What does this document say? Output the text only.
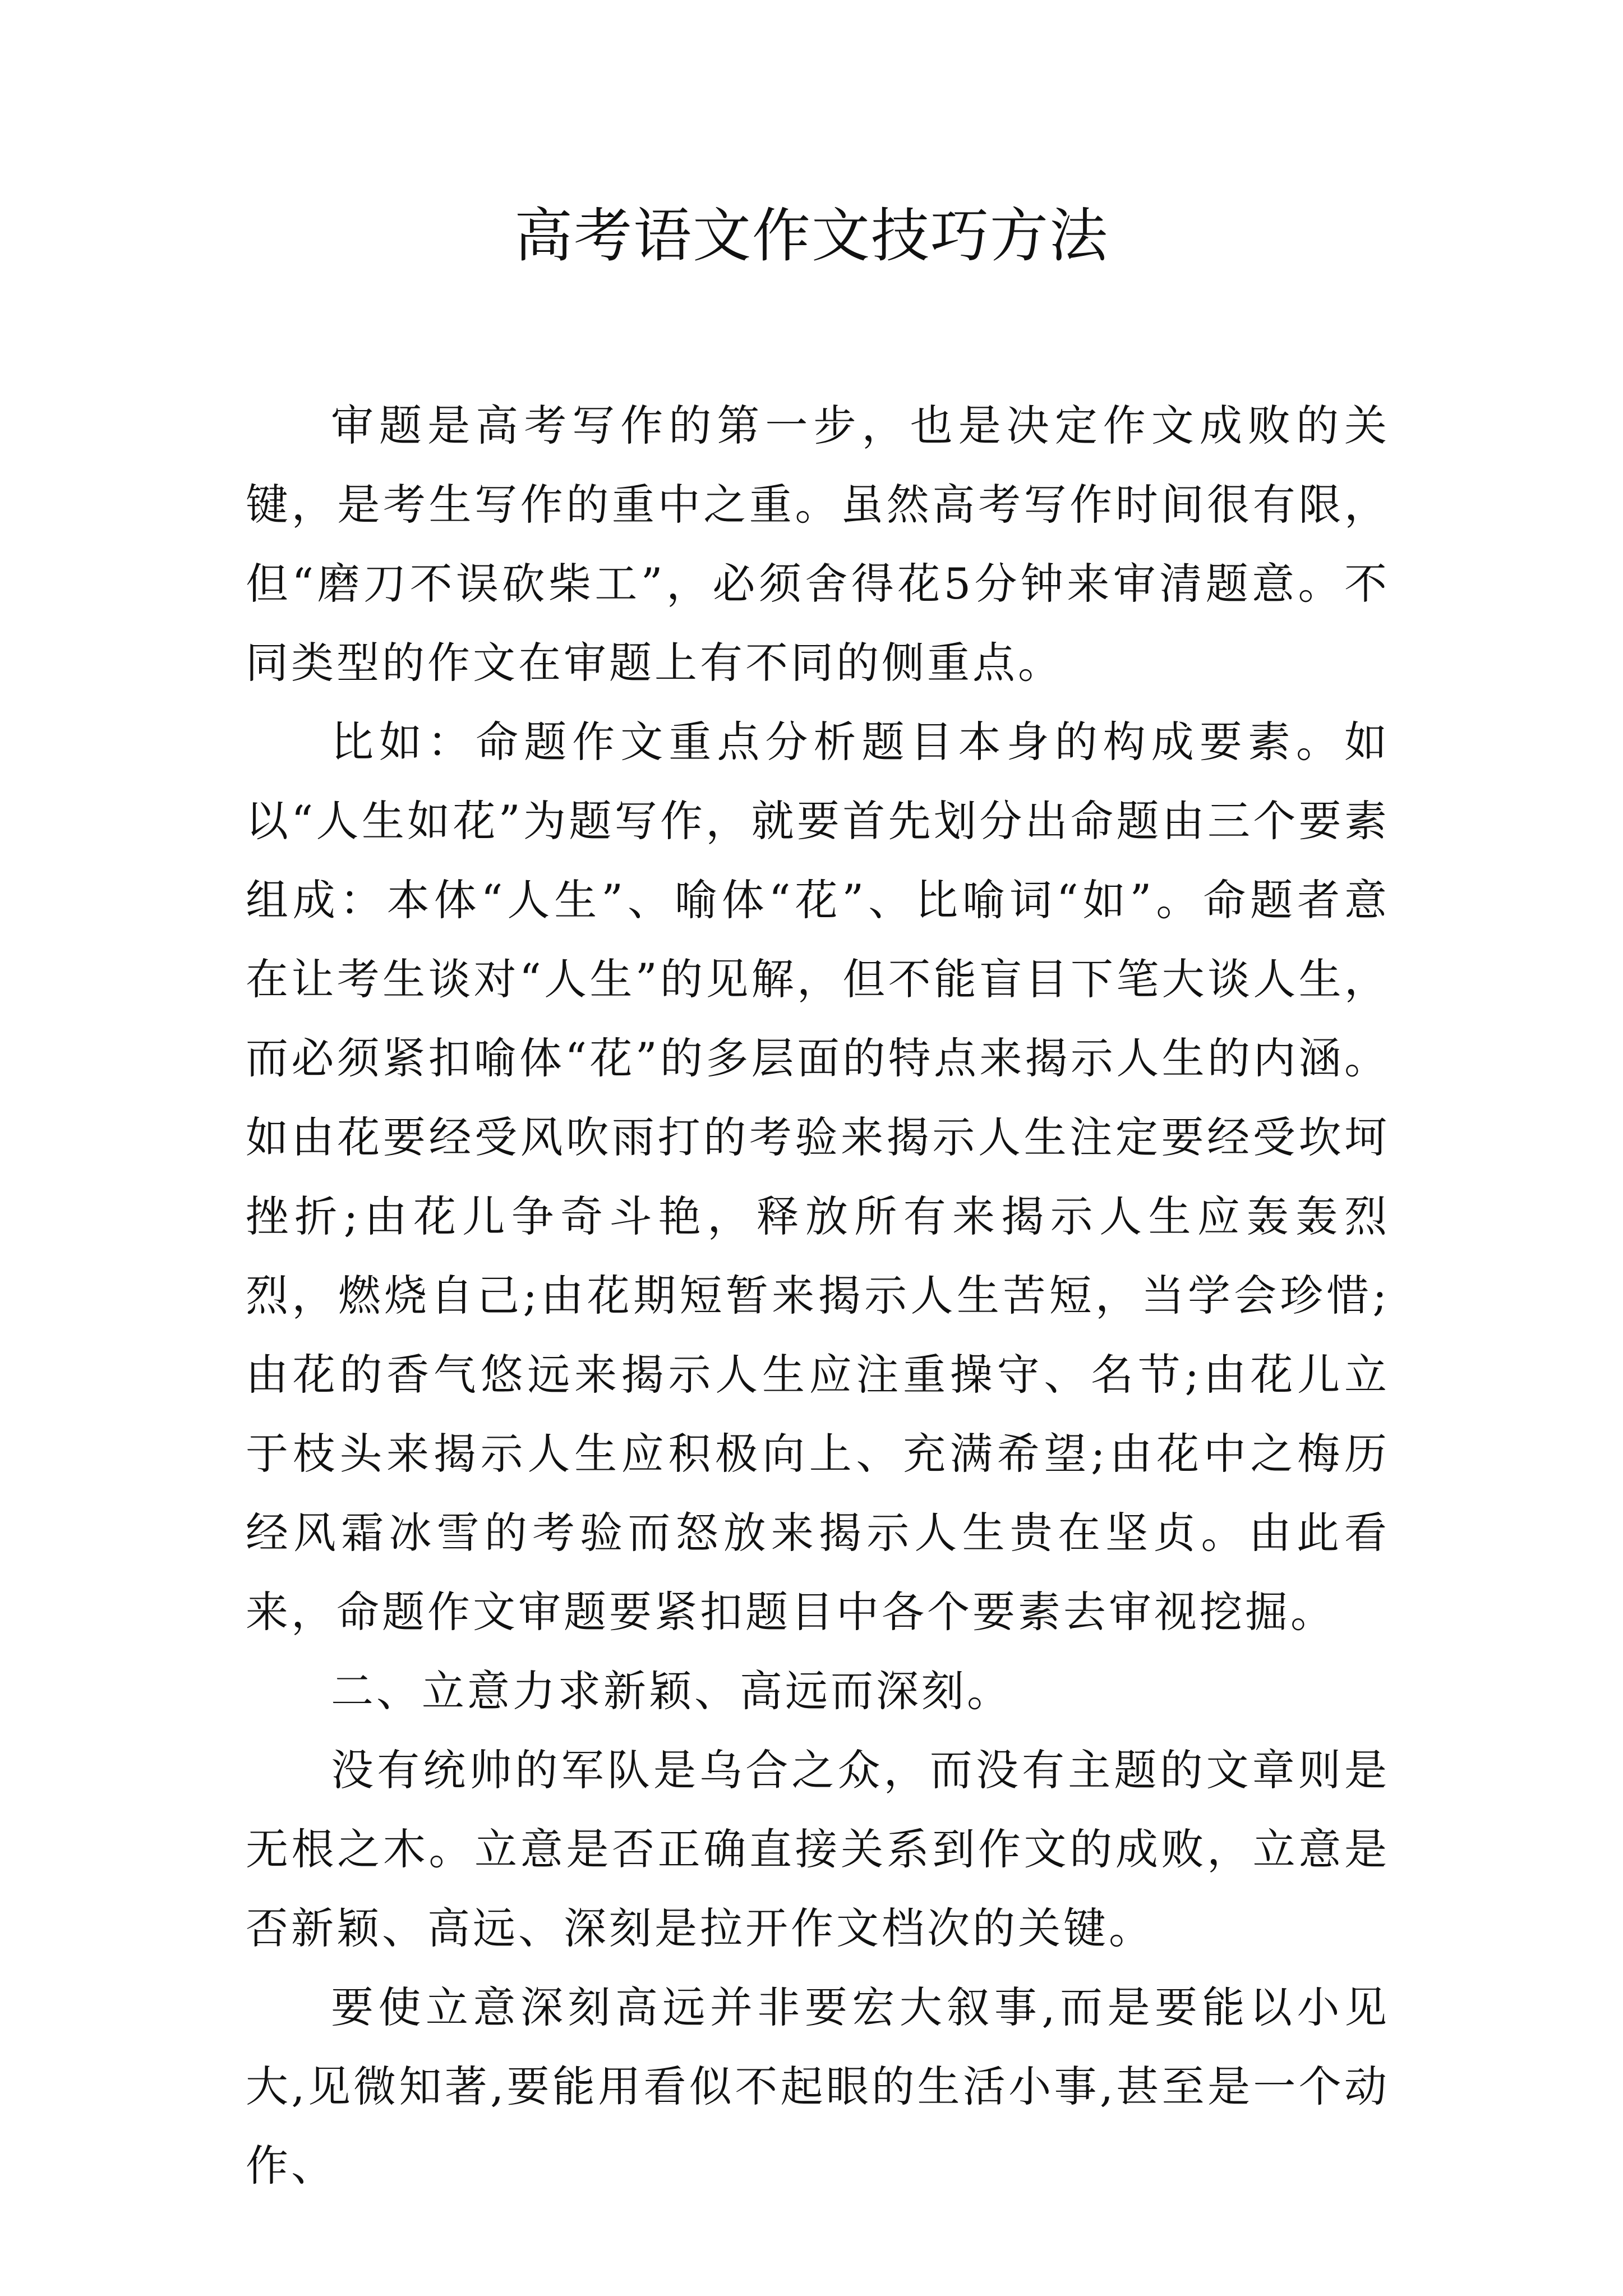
高考语文作文技巧方法

审题是高考写作的第一步，也是决定作文成败的关键，是考生写作的重中之重。虽然高考写作时间很有限，但“磨刀不误砍柴工”，必须舍得花5分钟来审清题意。不同类型的作文在审题上有不同的侧重点。

比如：命题作文重点分析题目本身的构成要素。如以“人生如花”为题写作，就要首先划分出命题由三个要素组成：本体“人生”、喻体“花”、比喻词“如”。命题者意在让考生谈对“人生”的见解，但不能盲目下笔大谈人生，而必须紧扣喻体“花”的多层面的特点来揭示人生的内涵。如由花要经受风吹雨打的考验来揭示人生注定要经受坎坷挫折;由花儿争奇斗艳，释放所有来揭示人生应轰轰烈烈，燃烧自己;由花期短暂来揭示人生苦短，当学会珍惜;由花的香气悠远来揭示人生应注重操守、名节;由花儿立于枝头来揭示人生应积极向上、充满希望;由花中之梅历经风霜冰雪的考验而怒放来揭示人生贵在坚贞。由此看来，命题作文审题要紧扣题目中各个要素去审视挖掘。

二、立意力求新颖、高远而深刻。

没有统帅的军队是乌合之众，而没有主题的文章则是无根之木。立意是否正确直接关系到作文的成败，立意是否新颖、高远、深刻是拉开作文档次的关键。

要使立意深刻高远并非要宏大叙事,而是要能以小见大,见微知著,要能用看似不起眼的生活小事,甚至是一个动作、
